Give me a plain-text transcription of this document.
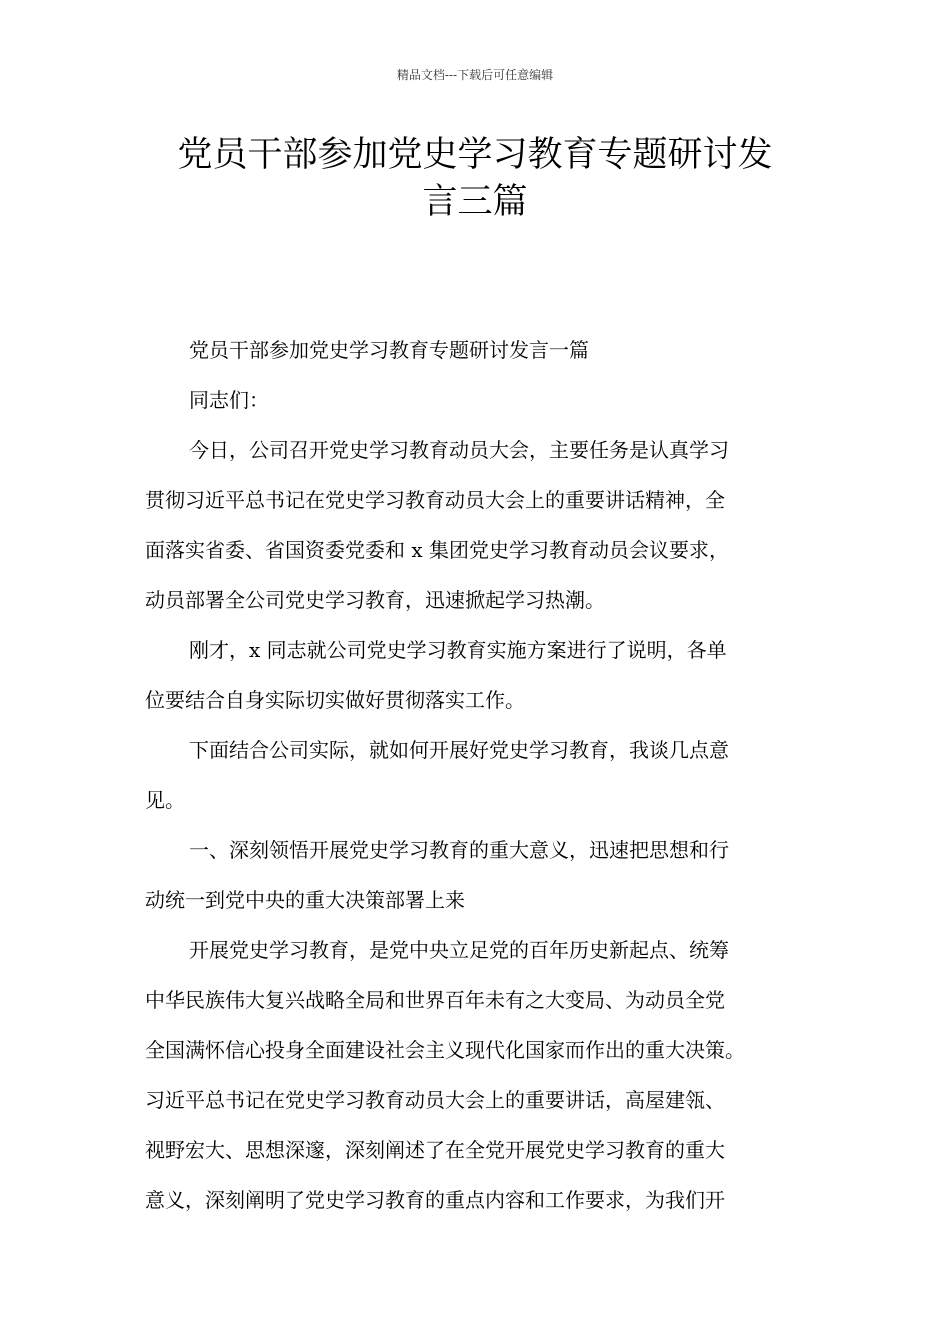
精品文档---下载后可任意编辑
党员干部参加党史学习教育专题研讨发
言三篇
党员干部参加党史学习教育专题研讨发言一篇
同志们：
今日，公司召开党史学习教育动员大会，主要任务是认真学习
贯彻习近平总书记在党史学习教育动员大会上的重要讲话精神，全
面落实省委、省国资委党委和 x 集团党史学习教育动员会议要求，
动员部署全公司党史学习教育，迅速掀起学习热潮。
刚才，x 同志就公司党史学习教育实施方案进行了说明，各单
位要结合自身实际切实做好贯彻落实工作。
下面结合公司实际，就如何开展好党史学习教育，我谈几点意
见。
一、深刻领悟开展党史学习教育的重大意义，迅速把思想和行
动统一到党中央的重大决策部署上来
开展党史学习教育，是党中央立足党的百年历史新起点、统筹
中华民族伟大复兴战略全局和世界百年未有之大变局、为动员全党
全国满怀信心投身全面建设社会主义现代化国家而作出的重大决策。
习近平总书记在党史学习教育动员大会上的重要讲话，高屋建瓴、
视野宏大、思想深邃，深刻阐述了在全党开展党史学习教育的重大
意义，深刻阐明了党史学习教育的重点内容和工作要求，为我们开
